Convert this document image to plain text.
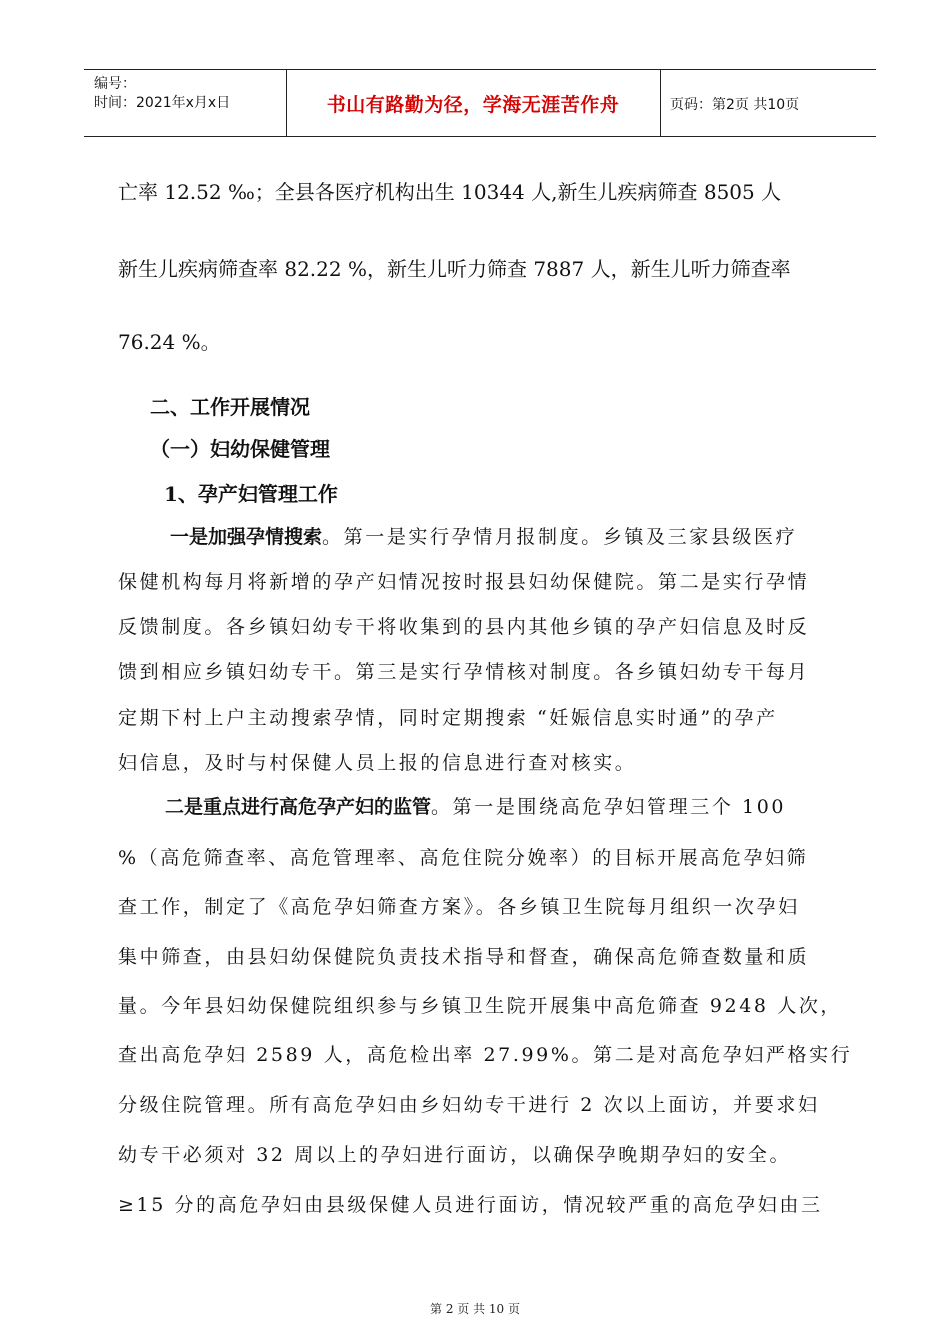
编号：
时间：2021年x月x日	书山有路勤为径，学海无涯苦作舟	页码：第2页 共10页
亡率 12.52 ‰；全县各医疗机构出生 10344 人,新生儿疾病筛查 8505 人
新生儿疾病筛查率 82.22 %，新生儿听力筛查 7887 人，新生儿听力筛查率
76.24 %。
二、工作开展情况
（一）妇幼保健管理
1、孕产妇管理工作
一是加强孕情搜索。第一是实行孕情月报制度。乡镇及三家县级医疗
保健机构每月将新增的孕产妇情况按时报县妇幼保健院。第二是实行孕情
反馈制度。各乡镇妇幼专干将收集到的县内其他乡镇的孕产妇信息及时反
馈到相应乡镇妇幼专干。第三是实行孕情核对制度。各乡镇妇幼专干每月
定期下村上户主动搜索孕情，同时定期搜索 “妊娠信息实时通”的孕产
妇信息，及时与村保健人员上报的信息进行查对核实。
二是重点进行高危孕产妇的监管。第一是围绕高危孕妇管理三个 100
%（高危筛查率、高危管理率、高危住院分娩率）的目标开展高危孕妇筛
查工作，制定了《高危孕妇筛查方案》。各乡镇卫生院每月组织一次孕妇
集中筛查，由县妇幼保健院负责技术指导和督查，确保高危筛查数量和质
量。今年县妇幼保健院组织参与乡镇卫生院开展集中高危筛查 9248 人次，
查出高危孕妇 2589 人，高危检出率 27.99%。第二是对高危孕妇严格实行
分级住院管理。所有高危孕妇由乡妇幼专干进行 2 次以上面访，并要求妇
幼专干必须对 32 周以上的孕妇进行面访，以确保孕晚期孕妇的安全。
≥15 分的高危孕妇由县级保健人员进行面访，情况较严重的高危孕妇由三
第 2 页 共 10 页
